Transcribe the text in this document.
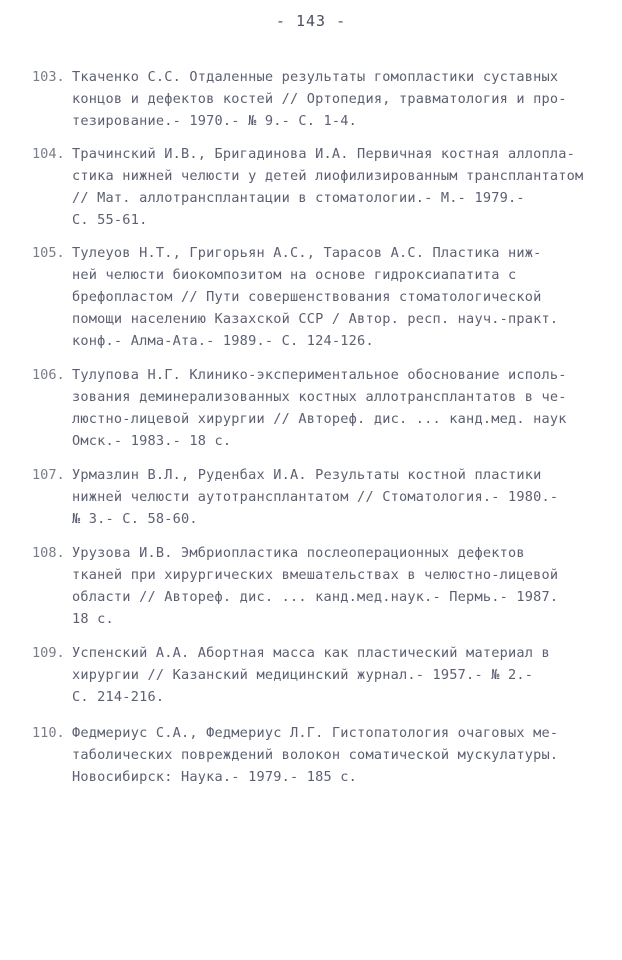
- 143 -
103. Ткаченко С.С. Отдаленные результаты гомопластики суставных
концов и дефектов костей // Ортопедия, травматология и про-
тезирование.- 1970.- № 9.- С. 1-4.
104. Трачинский И.В., Бригадинова И.А. Первичная костная аллопла-
стика нижней челюсти у детей лиофилизированным трансплантатом
// Мат. аллотрансплантации в стоматологии.- М.- 1979.-
С. 55-61.
105. Тулеуов Н.Т., Григорьян А.С., Тарасов А.С. Пластика ниж-
ней челюсти биокомпозитом на основе гидроксиапатита с
брефопластом // Пути совершенствования стоматологической
помощи населению Казахской ССР / Автор. респ. науч.-практ.
конф.- Алма-Ата.- 1989.- С. 124-126.
106. Тулупова Н.Г. Клинико-экспериментальное обоснование исполь-
зования деминерализованных костных аллотрансплантатов в че-
люстно-лицевой хирургии // Автореф. дис. ... канд.мед. наук
Омск.- 1983.- 18 с.
107. Урмазлин В.Л., Руденбах И.А. Результаты костной пластики
нижней челюсти аутотрансплантатом // Стоматология.- 1980.-
№ 3.- С. 58-60.
108. Урузова И.В. Эмбриопластика послеоперационных дефектов
тканей при хирургических вмешательствах в челюстно-лицевой
области // Автореф. дис. ... канд.мед.наук.- Пермь.- 1987.
18 с.
109. Успенский А.А. Абортная масса как пластический материал в
хирургии // Казанский медицинский журнал.- 1957.- № 2.-
С. 214-216.
110. Федмериус С.А., Федмериус Л.Г. Гистопатология очаговых ме-
таболических повреждений волокон соматической мускулатуры.
Новосибирск: Наука.- 1979.- 185 с.
